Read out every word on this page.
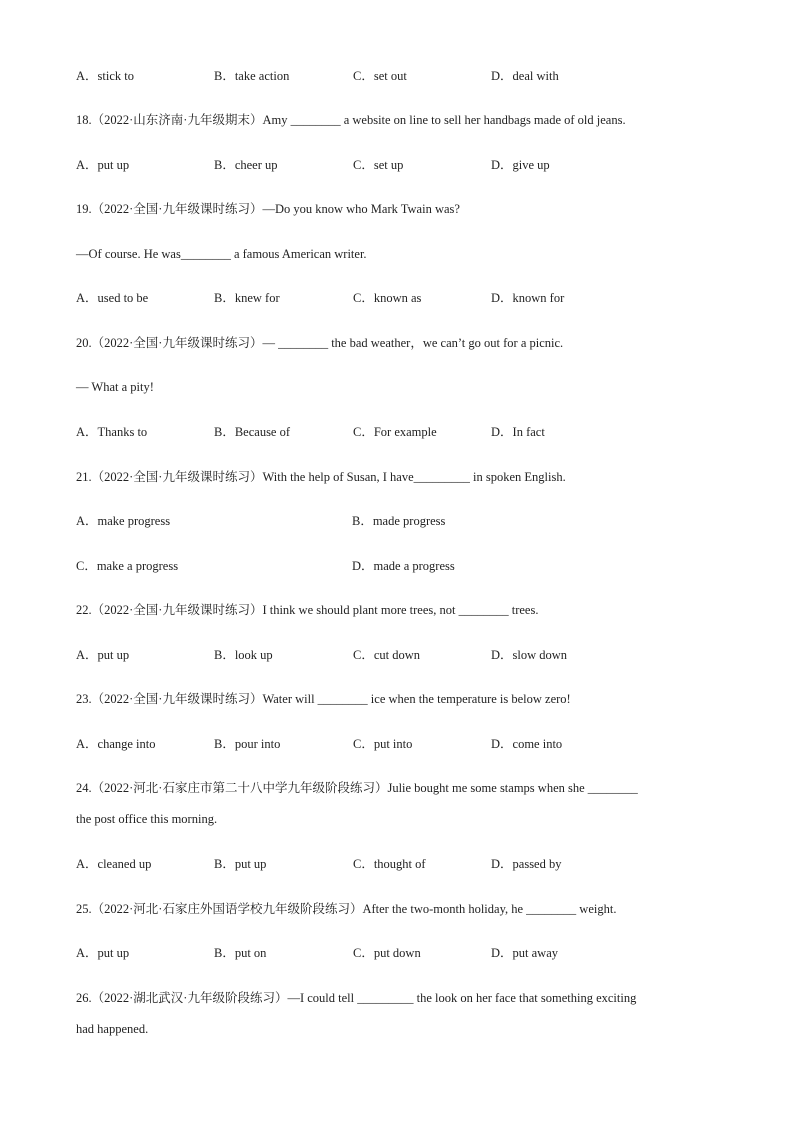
A．stick to	B．take action	C．set out	D．deal with
18.（2022·山东济南·九年级期末）Amy ________ a website on line to sell her handbags made of old jeans.
A．put up	B．cheer up	C．set up	D．give up
19.（2022·全国·九年级课时练习）—Do you know who Mark Twain was?
—Of course. He was________ a famous American writer.
A．used to be	B．knew for	C．known as	D．known for
20.（2022·全国·九年级课时练习）— ________ the bad weather，we can’t go out for a picnic.
— What a pity!
A．Thanks to	B．Because of	C．For example	D．In fact
21.（2022·全国·九年级课时练习）With the help of Susan, I have_________ in spoken English.
A．make progress	B．made progress
C．make a progress	D．made a progress
22.（2022·全国·九年级课时练习）I think we should plant more trees, not ________ trees.
A．put up	B．look up	C．cut down	D．slow down
23.（2022·全国·九年级课时练习）Water will ________ ice when the temperature is below zero!
A．change into	B．pour into	C．put into	D．come into
24.（2022·河北·石家庄市第二十八中学九年级阶段练习）Julie bought me some stamps when she ________
the post office this morning.
A．cleaned up	B．put up	C．thought of	D．passed by
25.（2022·河北·石家庄外国语学校九年级阶段练习）After the two-month holiday, he ________ weight.
A．put up	B．put on	C．put down	D．put away
26.（2022·湖北武汉·九年级阶段练习）—I could tell _________ the look on her face that something exciting
had happened.
